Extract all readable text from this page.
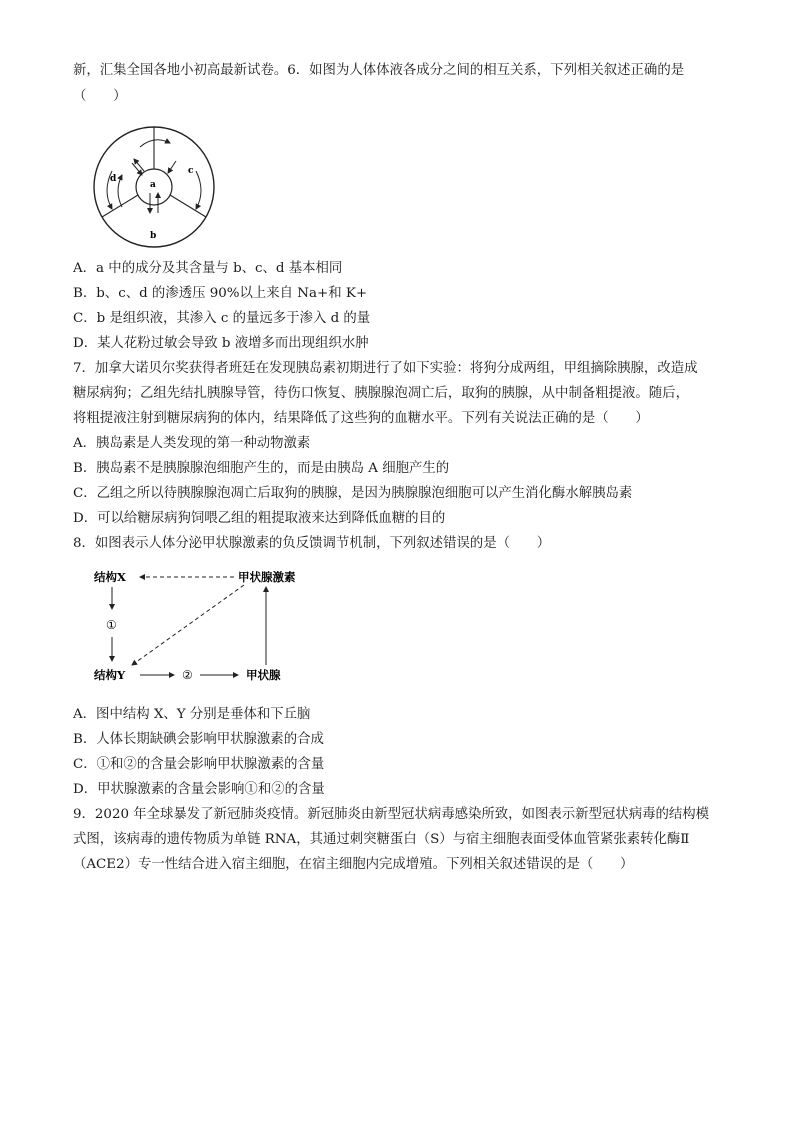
新，汇集全国各地小初高最新试卷。6．如图为人体体液各成分之间的相互关系，下列相关叙述正确的是
（　　）
a
b
c
d
A．a 中的成分及其含量与 b、c、d 基本相同
B．b、c、d 的渗透压 90%以上来自 Na+和 K+
C．b 是组织液，其渗入 c 的量远多于渗入 d 的量
D．某人花粉过敏会导致 b 液增多而出现组织水肿
7．加拿大诺贝尔奖获得者班廷在发现胰岛素初期进行了如下实验：将狗分成两组，甲组摘除胰腺，改造成
糖尿病狗；乙组先结扎胰腺导管，待伤口恢复、胰腺腺泡凋亡后，取狗的胰腺，从中制备粗提液。随后，
将粗提液注射到糖尿病狗的体内，结果降低了这些狗的血糖水平。下列有关说法正确的是（　　）
A．胰岛素是人类发现的第一种动物激素
B．胰岛素不是胰腺腺泡细胞产生的，而是由胰岛 A 细胞产生的
C．乙组之所以待胰腺腺泡凋亡后取狗的胰腺，是因为胰腺腺泡细胞可以产生消化酶水解胰岛素
D．可以给糖尿病狗饲喂乙组的粗提取液来达到降低血糖的目的
8．如图表示人体分泌甲状腺激素的负反馈调节机制，下列叙述错误的是（　　）
结构X	甲状腺激素
①
结构Y	②	甲状腺
A．图中结构 X、Y 分别是垂体和下丘脑
B．人体长期缺碘会影响甲状腺激素的合成
C．①和②的含量会影响甲状腺激素的含量
D．甲状腺激素的含量会影响①和②的含量
9．2020 年全球暴发了新冠肺炎疫情。新冠肺炎由新型冠状病毒感染所致，如图表示新型冠状病毒的结构模
式图，该病毒的遗传物质为单链 RNA，其通过刺突糖蛋白（S）与宿主细胞表面受体血管紧张素转化酶Ⅱ
（ACE2）专一性结合进入宿主细胞，在宿主细胞内完成增殖。下列相关叙述错误的是（　　）
